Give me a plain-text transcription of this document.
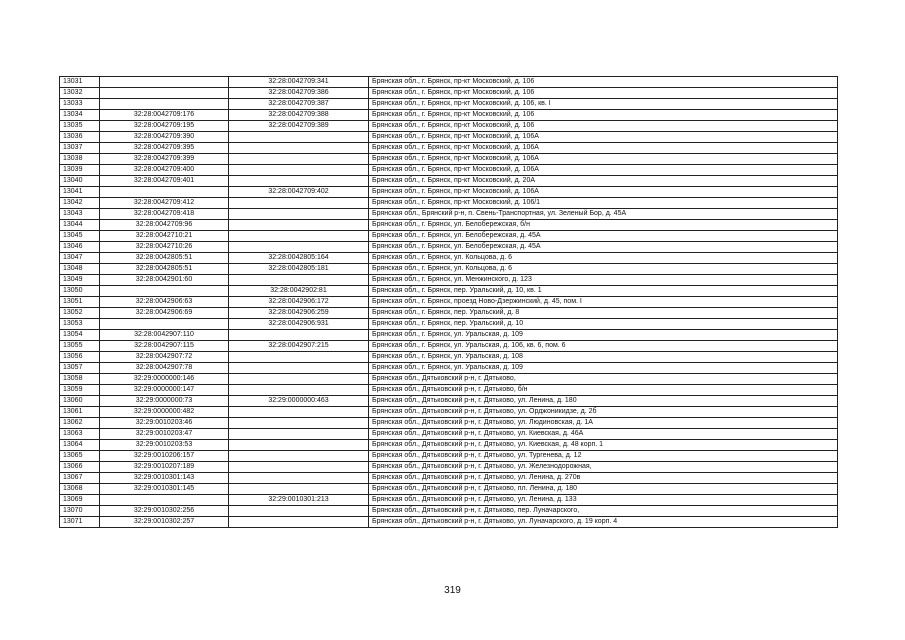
13031		32:28:0042709:341	Брянская обл., г. Брянск, пр-кт Московский, д. 106
13032		32:28:0042709:386	Брянская обл., г. Брянск, пр-кт Московский, д. 106
13033		32:28:0042709:387	Брянская обл., г. Брянск, пр-кт Московский, д. 106, кв. I
13034	32:28:0042709:176	32:28:0042709:388	Брянская обл., г. Брянск, пр-кт Московский, д. 106
13035	32:28:0042709:195	32:28:0042709:389	Брянская обл., г. Брянск, пр-кт Московский, д. 106
13036	32:28:0042709:390		Брянская обл., г. Брянск, пр-кт Московский, д. 106А
13037	32:28:0042709:395		Брянская обл., г. Брянск, пр-кт Московский, д. 106А
13038	32:28:0042709:399		Брянская обл., г. Брянск, пр-кт Московский, д. 106А
13039	32:28:0042709:400		Брянская обл., г. Брянск, пр-кт Московский, д. 106А
13040	32:28:0042709:401		Брянская обл., г. Брянск, пр-кт Московский, д. 20А
13041		32:28:0042709:402	Брянская обл., г. Брянск, пр-кт Московский, д. 106А
13042	32:28:0042709:412		Брянская обл., г. Брянск, пр-кт Московский, д. 106/1
13043	32:28:0042709:418		Брянская обл., Брянский р-н, п. Свень-Транспортная, ул. Зеленый Бор, д. 45А
13044	32:28:0042709:96		Брянская обл., г. Брянск, ул. Белобережская, б/н
13045	32:28:0042710:21		Брянская обл., г. Брянск, ул. Белобережская, д. 45А
13046	32:28:0042710:26		Брянская обл., г. Брянск, ул. Белобережская, д. 45А
13047	32:28:0042805:51	32:28:0042805:164	Брянская обл., г. Брянск, ул. Кольцова, д. 6
13048	32:28:0042805:51	32:28:0042805:181	Брянская обл., г. Брянск, ул. Кольцова, д. 6
13049	32:28:0042901:60		Брянская обл., г. Брянск, ул. Менжинского, д. 123
13050		32:28:0042902:81	Брянская обл., г. Брянск, пер. Уральский, д. 10, кв. 1
13051	32:28:0042906:63	32:28:0042906:172	Брянская обл., г. Брянск, проезд Ново-Дзержинский, д. 45, пом. I
13052	32:28:0042906:69	32:28:0042906:259	Брянская обл., г. Брянск, пер. Уральский, д. 8
13053		32:28:0042906:931	Брянская обл., г. Брянск, пер. Уральский, д. 10
13054	32:28:0042907:110		Брянская обл., г. Брянск, ул. Уральская, д. 109
13055	32:28:0042907:115	32:28:0042907:215	Брянская обл., г. Брянск, ул. Уральская, д. 106, кв. 6, пом. 6
13056	32:28:0042907:72		Брянская обл., г. Брянск, ул. Уральская, д. 108
13057	32:28:0042907:78		Брянская обл., г. Брянск, ул. Уральская, д. 109
13058	32:29:0000000:146		Брянская обл., Дятьковский р-н, г. Дятьково,
13059	32:29:0000000:147		Брянская обл., Дятьковский р-н, г. Дятьково, б/н
13060	32:29:0000000:73	32:29:0000000:463	Брянская обл., Дятьковский р-н, г. Дятьково, ул. Ленина, д. 180
13061	32:29:0000000:482		Брянская обл., Дятьковский р-н, г. Дятьково, ул. Орджоникидзе, д. 2б
13062	32:29:0010203:46		Брянская обл., Дятьковский р-н, г. Дятьково, ул. Людиновская, д. 1А
13063	32:29:0010203:47		Брянская обл., Дятьковский р-н, г. Дятьково, ул. Киевская, д. 46А
13064	32:29:0010203:53		Брянская обл., Дятьковский р-н, г. Дятьково, ул. Киевская, д. 48 корп. 1
13065	32:29:0010206:157		Брянская обл., Дятьковский р-н, г. Дятьково, ул. Тургенева, д. 12
13066	32:29:0010207:189		Брянская обл., Дятьковский р-н, г. Дятьково, ул. Железнодорожная,
13067	32:29:0010301:143		Брянская обл., Дятьковский р-н, г. Дятьково, ул. Ленина, д. 270в
13068	32:29:0010301:145		Брянская обл., Дятьковский р-н, г. Дятьково, пл. Ленина, д. 180
13069		32:29:0010301:213	Брянская обл., Дятьковский р-н, г. Дятьково, ул. Ленина, д. 133
13070	32:29:0010302:256		Брянская обл., Дятьковский р-н, г. Дятьково, пер. Луначарского,
13071	32:29:0010302:257		Брянская обл., Дятьковский р-н, г. Дятьково, ул. Луначарского, д. 19 корп. 4
319
